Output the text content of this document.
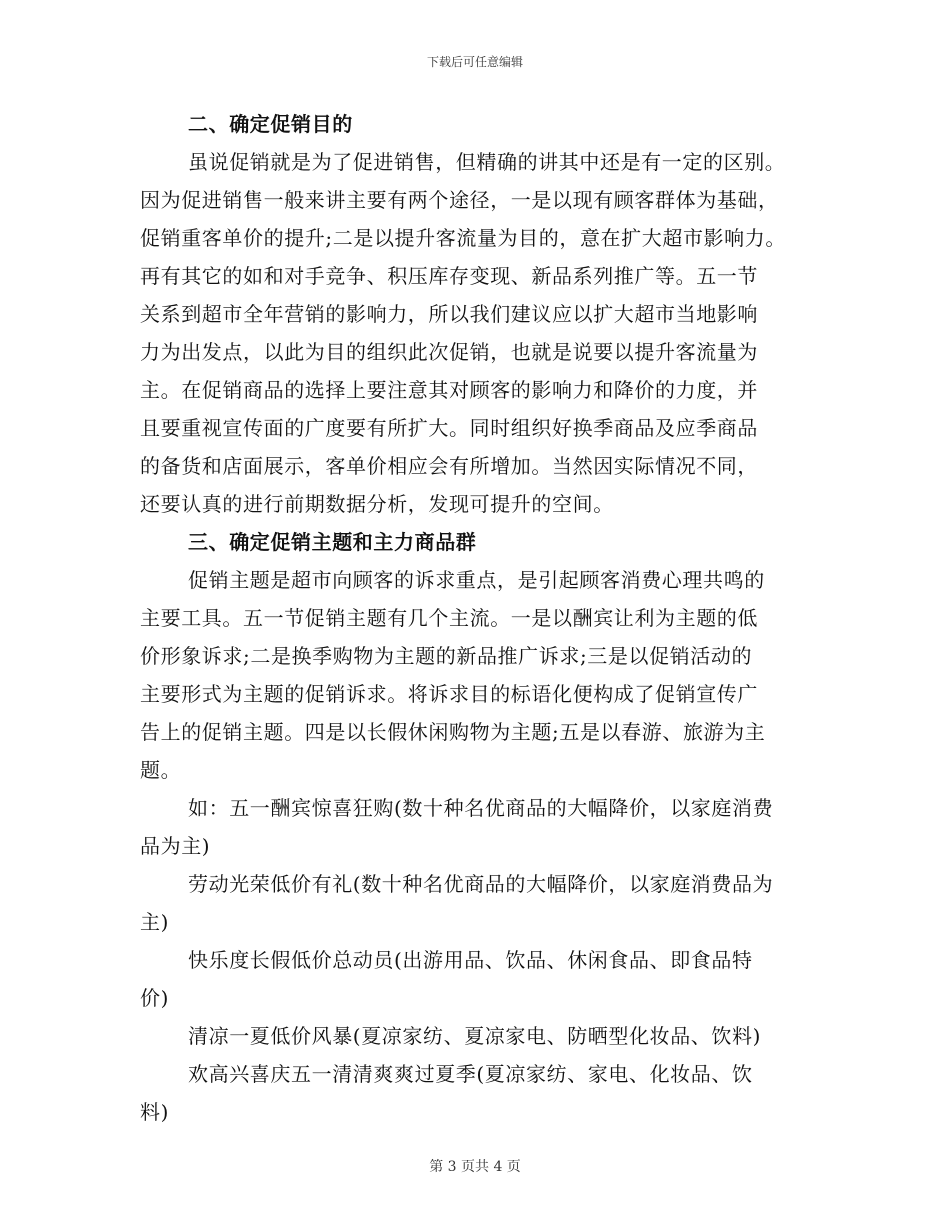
下载后可任意编辑
二、确定促销目的
虽说促销就是为了促进销售，但精确的讲其中还是有一定的区别。
因为促进销售一般来讲主要有两个途径，一是以现有顾客群体为基础，
促销重客单价的提升;二是以提升客流量为目的，意在扩大超市影响力。
再有其它的如和对手竞争、积压库存变现、新品系列推广等。五一节
关系到超市全年营销的影响力，所以我们建议应以扩大超市当地影响
力为出发点，以此为目的组织此次促销，也就是说要以提升客流量为
主。在促销商品的选择上要注意其对顾客的影响力和降价的力度，并
且要重视宣传面的广度要有所扩大。同时组织好换季商品及应季商品
的备货和店面展示，客单价相应会有所增加。当然因实际情况不同，
还要认真的进行前期数据分析，发现可提升的空间。
三、确定促销主题和主力商品群
促销主题是超市向顾客的诉求重点，是引起顾客消费心理共鸣的
主要工具。五一节促销主题有几个主流。一是以酬宾让利为主题的低
价形象诉求;二是换季购物为主题的新品推广诉求;三是以促销活动的
主要形式为主题的促销诉求。将诉求目的标语化便构成了促销宣传广
告上的促销主题。四是以长假休闲购物为主题;五是以春游、旅游为主
题。
如：五一酬宾惊喜狂购(数十种名优商品的大幅降价，以家庭消费
品为主)
劳动光荣低价有礼(数十种名优商品的大幅降价，以家庭消费品为
主)
快乐度长假低价总动员(出游用品、饮品、休闲食品、即食品特
价)
清凉一夏低价风暴(夏凉家纺、夏凉家电、防晒型化妆品、饮料)
欢高兴喜庆五一清清爽爽过夏季(夏凉家纺、家电、化妆品、饮
料)
第 3 页共 4 页
